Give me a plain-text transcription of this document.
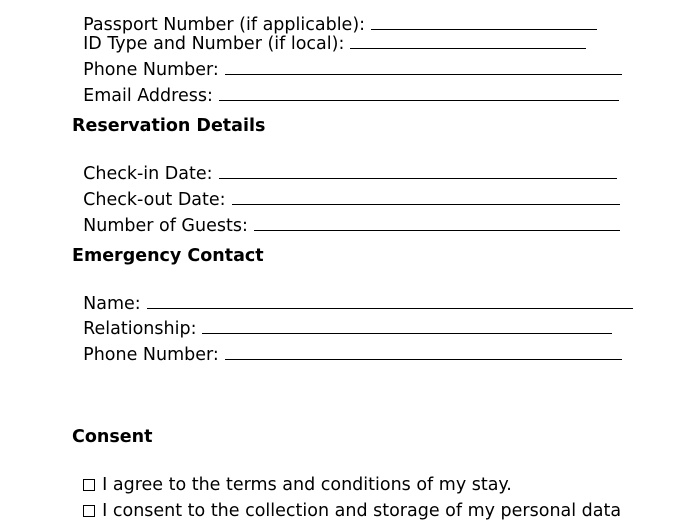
Passport Number (if applicable):

ID Type and Number (if local):

Phone Number:

Email Address:

Reservation Details

Check-in Date:

Check-out Date:

Number of Guests:

Emergency Contact

Name:

Relationship:

Phone Number:

Consent

I agree to the terms and conditions of my stay.

I consent to the collection and storage of my personal data
